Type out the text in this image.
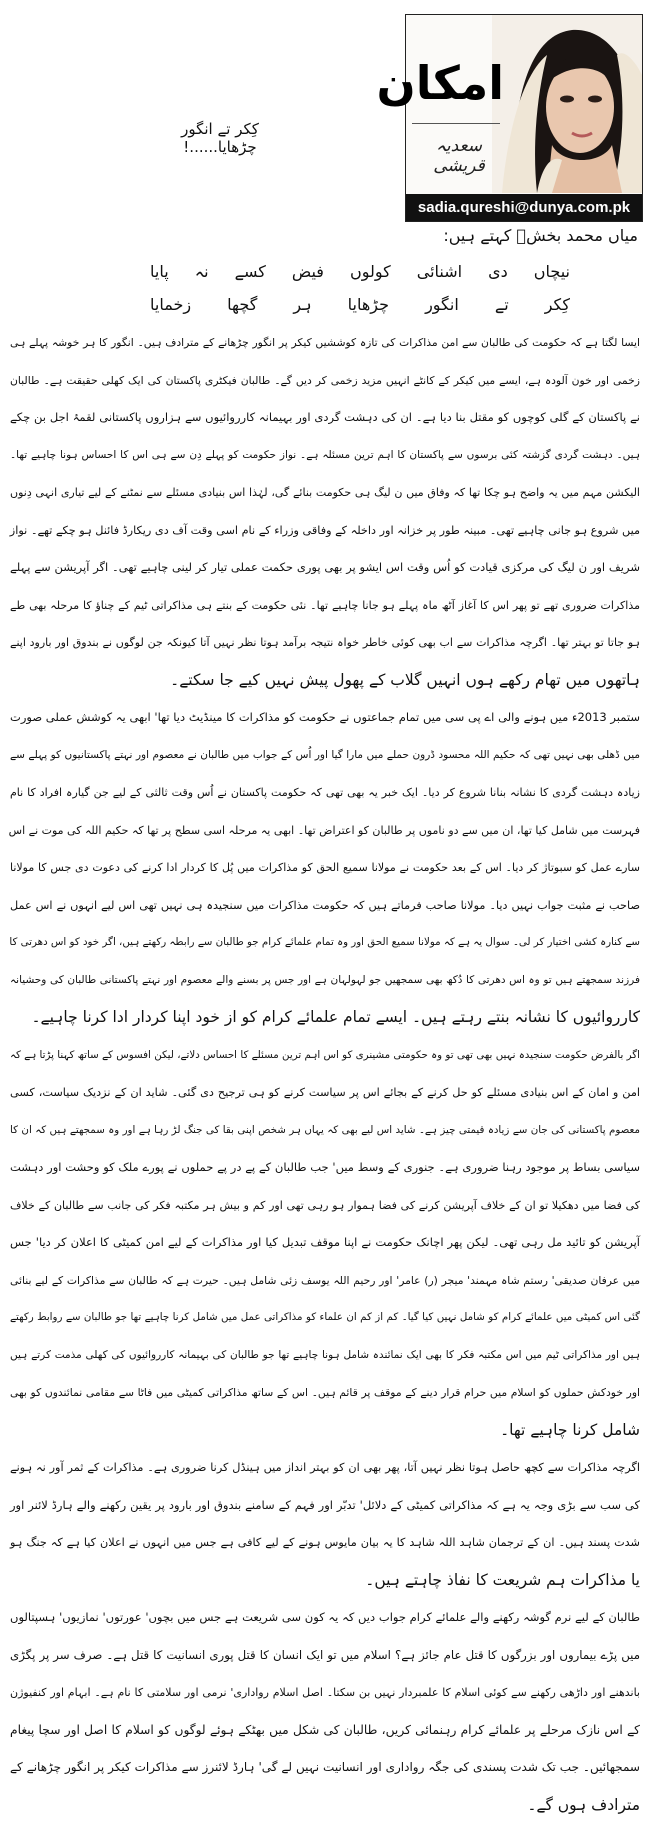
امکان
سعدیہ قریشی
sadia.qureshi@dunya.com.pk
کِکر تے انگور چڑھایا......!
میاں محمد بخشؒ کہتے ہیں:
نیچاں
دی
اشنائی
کولوں
فیض
کسے
نہ
پایا
کِکر
تے
انگور
چڑھایا
ہر
گچھا
زخمایا
ایسا لگتا ہے کہ حکومت کی طالبان سے امن مذاکرات کی تازہ کوششیں کیکر پر انگور چڑھانے کے مترادف ہیں۔ انگور کا ہر خوشہ پہلے ہی
زخمی اور خون آلودہ ہے، ایسے میں کیکر کے کانٹے انہیں مزید زخمی کر دیں گے۔ طالبان فیکٹری پاکستان کی ایک کھلی حقیقت ہے۔ طالبان
نے پاکستان کے گلی کوچوں کو مقتل بنا دیا ہے۔ ان کی دہشت گردی اور بہیمانہ کارروائیوں سے ہزاروں پاکستانی لقمۂ اجل بن چکے
ہیں۔ دہشت گردی گزشتہ کئی برسوں سے پاکستان کا اہم ترین مسئلہ ہے۔ نواز حکومت کو پہلے دِن سے ہی اس کا احساس ہونا چاہیے تھا۔
الیکشن مہم میں یہ واضح ہو چکا تھا کہ وفاق میں ن لیگ ہی حکومت بنائے گی، لہٰذا اس بنیادی مسئلے سے نمٹنے کے لیے تیاری انہی دِنوں
میں شروع ہو جانی چاہیے تھی۔ مبینہ طور پر خزانہ اور داخلہ کے وفاقی وزراء کے نام اسی وقت آف دی ریکارڈ فائنل ہو چکے تھے۔ نواز
شریف اور ن لیگ کی مرکزی قیادت کو اُس وقت اس ایشو پر بھی پوری حکمت عملی تیار کر لینی چاہیے تھی۔ اگر آپریشن سے پہلے
مذاکرات ضروری تھے تو پھر اس کا آغاز آٹھ ماہ پہلے ہو جانا چاہیے تھا۔ نئی حکومت کے بنتے ہی مذاکراتی ٹیم کے چناؤ کا مرحلہ بھی طے
ہو جاتا تو بہتر تھا۔ اگرچہ مذاکرات سے اب بھی کوئی خاطر خواہ نتیجہ برآمد ہوتا نظر نہیں آتا کیونکہ جن لوگوں نے بندوق اور بارود اپنے
ہاتھوں میں تھام رکھے ہوں انہیں گلاب کے پھول پیش نہیں کیے جا سکتے۔
ستمبر 2013ء میں ہونے والی اے پی سی میں تمام جماعتوں نے حکومت کو مذاکرات کا مینڈیٹ دیا تھا' ابھی یہ کوشش عملی صورت
میں ڈھلی بھی نہیں تھی کہ حکیم اللہ محسود ڈرون حملے میں مارا گیا اور اُس کے جواب میں طالبان نے معصوم اور نہتے پاکستانیوں کو پہلے سے
زیادہ دہشت گردی کا نشانہ بنانا شروع کر دیا۔ ایک خبر یہ بھی تھی کہ حکومت پاکستان نے اُس وقت ثالثی کے لیے جن گیارہ افراد کا نام
فہرست میں شامل کیا تھا، ان میں سے دو ناموں پر طالبان کو اعتراض تھا۔ ابھی یہ مرحلہ اسی سطح پر تھا کہ حکیم اللہ کی موت نے اس
سارے عمل کو سبوتاژ کر دیا۔ اس کے بعد حکومت نے مولانا سمیع الحق کو مذاکرات میں پُل کا کردار ادا کرنے کی دعوت دی جس کا مولانا
صاحب نے مثبت جواب نہیں دیا۔ مولانا صاحب فرماتے ہیں کہ حکومت مذاکرات میں سنجیدہ ہی نہیں تھی اس لیے انہوں نے اس عمل
سے کنارہ کشی اختیار کر لی۔ سوال یہ ہے کہ مولانا سمیع الحق اور وہ تمام علمائے کرام جو طالبان سے رابطہ رکھتے ہیں، اگر خود کو اس دھرتی کا
فرزند سمجھتے ہیں تو وہ اس دھرتی کا دُکھ بھی سمجھیں جو لہولہان ہے اور جس پر بسنے والے معصوم اور نہتے پاکستانی طالبان کی وحشیانہ
کارروائیوں کا نشانہ بنتے رہتے ہیں۔ ایسے تمام علمائے کرام کو از خود اپنا کردار ادا کرنا چاہیے۔
اگر بالفرض حکومت سنجیدہ نہیں بھی تھی تو وہ حکومتی مشینری کو اس اہم ترین مسئلے کا احساس دلاتے، لیکن افسوس کے ساتھ کہنا پڑتا ہے کہ
امن و امان کے اس بنیادی مسئلے کو حل کرنے کے بجائے اس پر سیاست کرنے کو ہی ترجیح دی گئی۔ شاید ان کے نزدیک سیاست، کسی
معصوم پاکستانی کی جان سے زیادہ قیمتی چیز ہے۔ شاید اس لیے بھی کہ یہاں ہر شخص اپنی بقا کی جنگ لڑ رہا ہے اور وہ سمجھتے ہیں کہ ان کا
سیاسی بساط پر موجود رہنا ضروری ہے۔ جنوری کے وسط میں' جب طالبان کے پے در پے حملوں نے پورے ملک کو وحشت اور دہشت
کی فضا میں دھکیلا تو ان کے خلاف آپریشن کرنے کی فضا ہموار ہو رہی تھی اور کم و بیش ہر مکتبہ فکر کی جانب سے طالبان کے خلاف
آپریشن کو تائید مل رہی تھی۔ لیکن پھر اچانک حکومت نے اپنا موقف تبدیل کیا اور مذاکرات کے لیے امن کمیٹی کا اعلان کر دیا' جس
میں عرفان صدیقی' رستم شاہ مہمند' میجر (ر) عامر' اور رحیم اللہ یوسف زئی شامل ہیں۔ حیرت ہے کہ طالبان سے مذاکرات کے لیے بنائی
گئی اس کمیٹی میں علمائے کرام کو شامل نہیں کیا گیا۔ کم از کم ان علماء کو مذاکراتی عمل میں شامل کرنا چاہیے تھا جو طالبان سے روابط رکھتے
ہیں اور مذاکراتی ٹیم میں اس مکتبہ فکر کا بھی ایک نمائندہ شامل ہونا چاہیے تھا جو طالبان کی بہیمانہ کارروائیوں کی کھلی مذمت کرتے ہیں
اور خودکش حملوں کو اسلام میں حرام قرار دینے کے موقف پر قائم ہیں۔ اس کے ساتھ مذاکراتی کمیٹی میں فاٹا سے مقامی نمائندوں کو بھی
شامل کرنا چاہیے تھا۔
اگرچہ مذاکرات سے کچھ حاصل ہوتا نظر نہیں آتا، پھر بھی ان کو بہتر انداز میں ہینڈل کرنا ضروری ہے۔ مذاکرات کے ثمر آور نہ ہونے
کی سب سے بڑی وجہ یہ ہے کہ مذاکراتی کمیٹی کے دلائل' تدبّر اور فہم کے سامنے بندوق اور بارود پر یقین رکھنے والے ہارڈ لائنر اور
شدت پسند ہیں۔ ان کے ترجمان شاہد اللہ شاہد کا یہ بیان مایوس ہونے کے لیے کافی ہے جس میں انہوں نے اعلان کیا ہے کہ جنگ ہو
یا مذاکرات ہم شریعت کا نفاذ چاہتے ہیں۔
طالبان کے لیے نرم گوشہ رکھنے والے علمائے کرام جواب دیں کہ یہ کون سی شریعت ہے جس میں بچوں' عورتوں' نمازیوں' ہسپتالوں
میں پڑے بیماروں اور بزرگوں کا قتل عام جائز ہے؟ اسلام میں تو ایک انسان کا قتل پوری انسانیت کا قتل ہے۔ صرف سر پر پگڑی
باندھنے اور داڑھی رکھنے سے کوئی اسلام کا علمبردار نہیں بن سکتا۔ اصل اسلام رواداری' نرمی اور سلامتی کا نام ہے۔ ابہام اور کنفیوژن
کے اس نازک مرحلے پر علمائے کرام رہنمائی کریں، طالبان کی شکل میں بھٹکے ہوئے لوگوں کو اسلام کا اصل اور سچا پیغام
سمجھائیں۔ جب تک شدت پسندی کی جگہ رواداری اور انسانیت نہیں لے گی' ہارڈ لائنرز سے مذاکرات کیکر پر انگور چڑھانے کے
مترادف ہوں گے۔
